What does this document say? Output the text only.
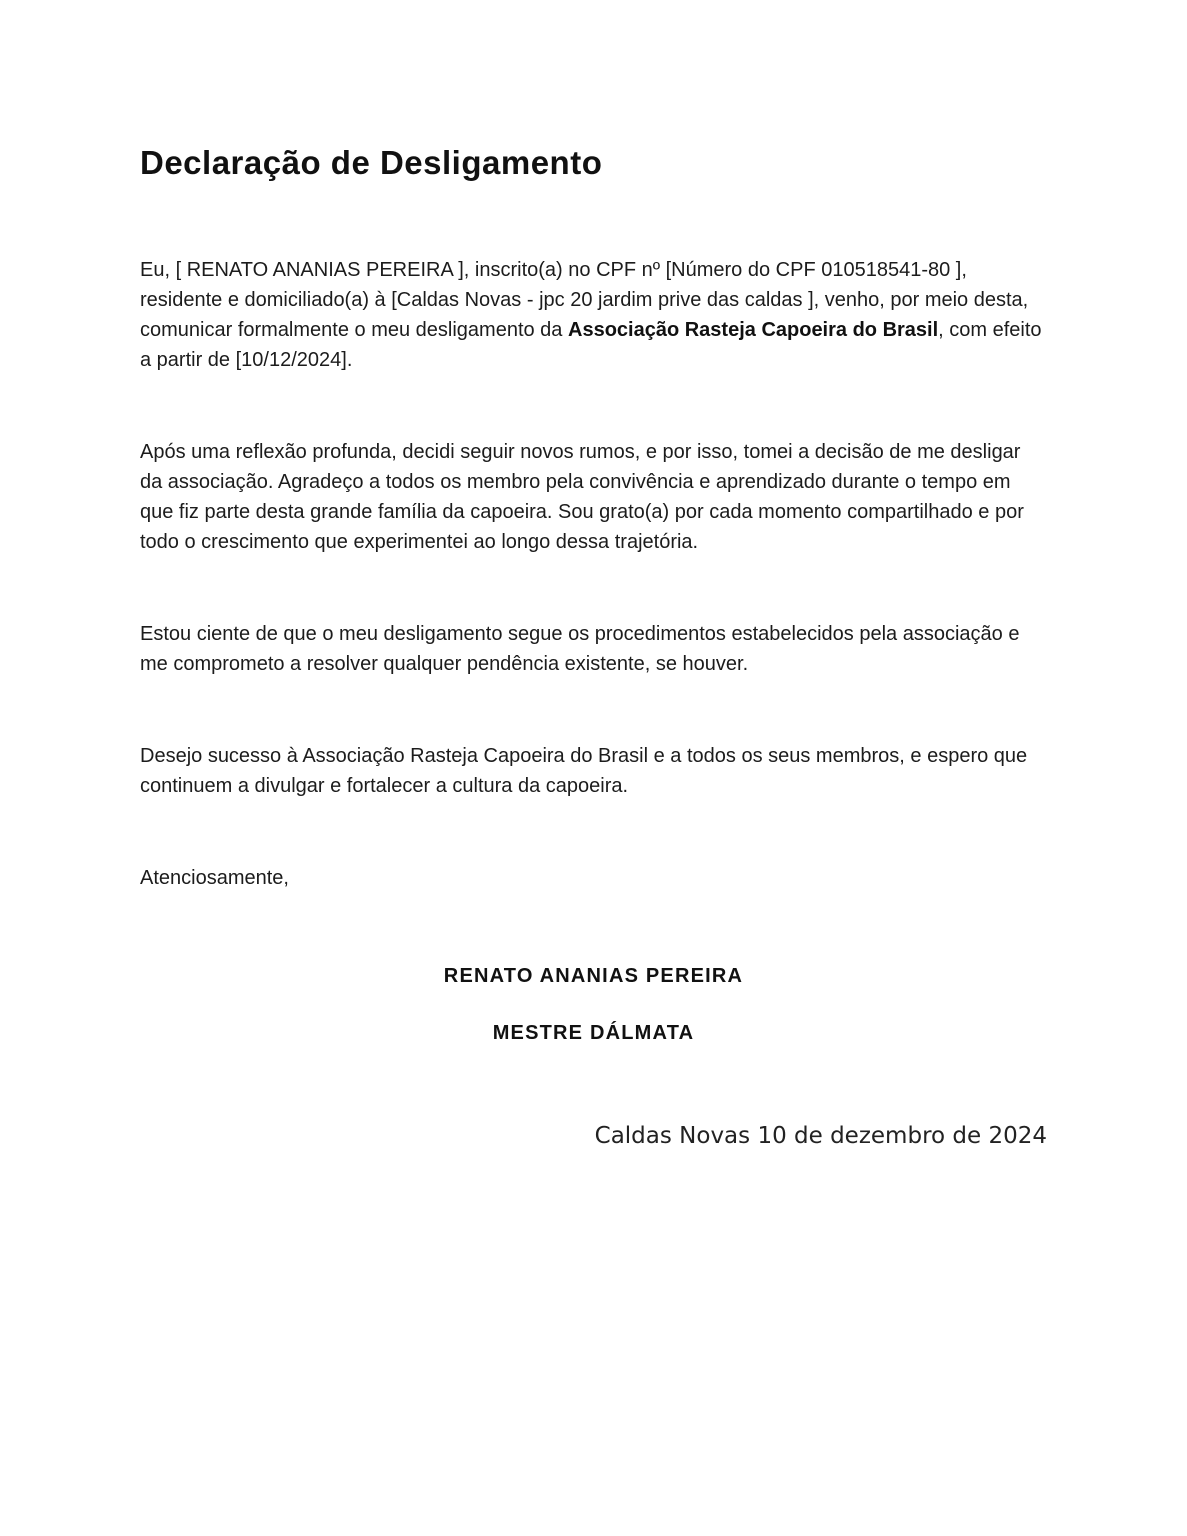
Declaração de Desligamento

Eu, [ RENATO ANANIAS PEREIRA ], inscrito(a) no CPF nº [Número do CPF 010518541-80 ], residente e domiciliado(a) à [Caldas Novas - jpc 20 jardim prive das caldas ], venho, por meio desta, comunicar formalmente o meu desligamento da Associação Rasteja Capoeira do Brasil, com efeito a partir de [10/12/2024].

Após uma reflexão profunda, decidi seguir novos rumos, e por isso, tomei a decisão de me desligar da associação. Agradeço a todos os membro pela convivência e aprendizado durante o tempo em que fiz parte desta grande família da capoeira. Sou grato(a) por cada momento compartilhado e por todo o crescimento que experimentei ao longo dessa trajetória.

Estou ciente de que o meu desligamento segue os procedimentos estabelecidos pela associação e me comprometo a resolver qualquer pendência existente, se houver.

Desejo sucesso à Associação Rasteja Capoeira do Brasil e a todos os seus membros, e espero que continuem a divulgar e fortalecer a cultura da capoeira.

Atenciosamente,

RENATO ANANIAS PEREIRA

MESTRE DÁLMATA

Caldas Novas 10 de dezembro de 2024
